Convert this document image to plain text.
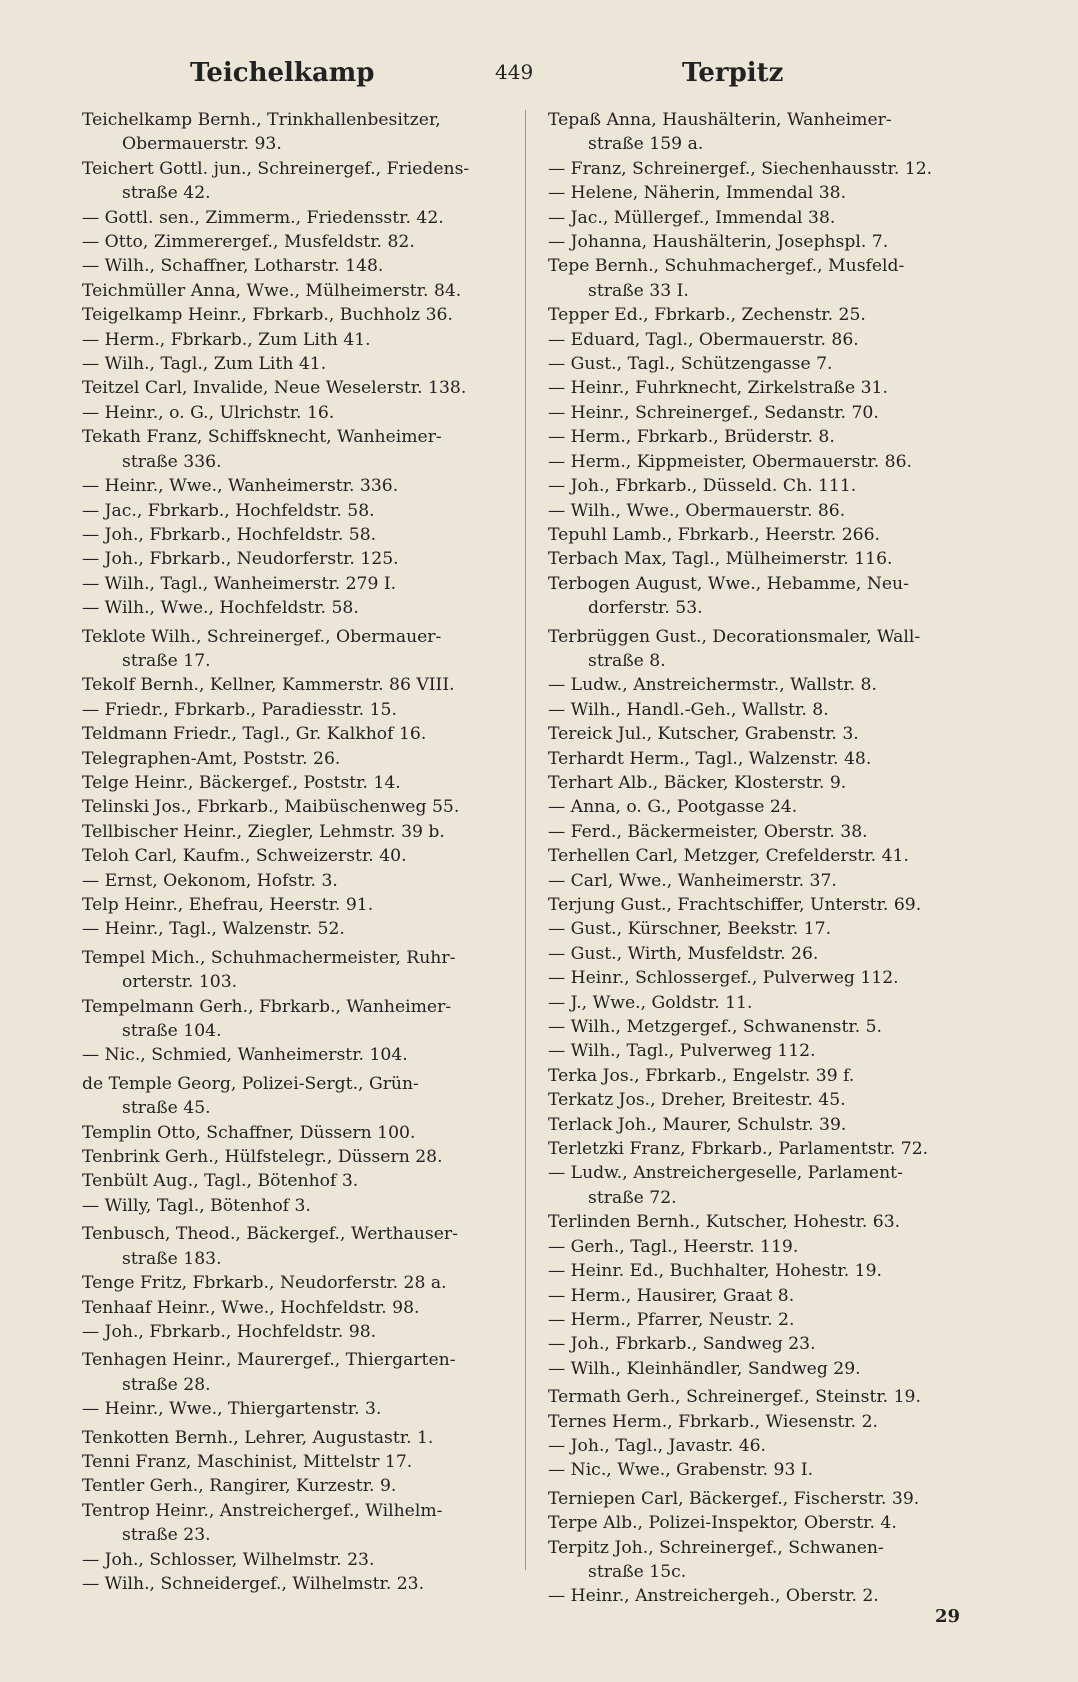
Teichelkamp	449	Terpitz
Teichelkamp Bernh., Trinkhallenbesitzer,
Obermauerstr. 93.
Teichert Gottl. jun., Schreinergef., Friedens-
straße 42.
— Gottl. sen., Zimmerm., Friedensstr. 42.
— Otto, Zimmerergef., Musfeldstr. 82.
— Wilh., Schaffner, Lotharstr. 148.
Teichmüller Anna, Wwe., Mülheimerstr. 84.
Teigelkamp Heinr., Fbrkarb., Buchholz 36.
— Herm., Fbrkarb., Zum Lith 41.
— Wilh., Tagl., Zum Lith 41.
Teitzel Carl, Invalide, Neue Weselerstr. 138.
— Heinr., o. G., Ulrichstr. 16.
Tekath Franz, Schiffsknecht, Wanheimer-
straße 336.
— Heinr., Wwe., Wanheimerstr. 336.
— Jac., Fbrkarb., Hochfeldstr. 58.
— Joh., Fbrkarb., Hochfeldstr. 58.
— Joh., Fbrkarb., Neudorferstr. 125.
— Wilh., Tagl., Wanheimerstr. 279 I.
— Wilh., Wwe., Hochfeldstr. 58.
Teklote Wilh., Schreinergef., Obermauer-
straße 17.
Tekolf Bernh., Kellner, Kammerstr. 86 VIII.
— Friedr., Fbrkarb., Paradiesstr. 15.
Teldmann Friedr., Tagl., Gr. Kalkhof 16.
Telegraphen-Amt, Poststr. 26.
Telge Heinr., Bäckergef., Poststr. 14.
Telinski Jos., Fbrkarb., Maibüschenweg 55.
Tellbischer Heinr., Ziegler, Lehmstr. 39 b.
Teloh Carl, Kaufm., Schweizerstr. 40.
— Ernst, Oekonom, Hofstr. 3.
Telp Heinr., Ehefrau, Heerstr. 91.
— Heinr., Tagl., Walzenstr. 52.
Tempel Mich., Schuhmachermeister, Ruhr-
orterstr. 103.
Tempelmann Gerh., Fbrkarb., Wanheimer-
straße 104.
— Nic., Schmied, Wanheimerstr. 104.
de Temple Georg, Polizei-Sergt., Grün-
straße 45.
Templin Otto, Schaffner, Düssern 100.
Tenbrink Gerh., Hülfstelegr., Düssern 28.
Tenbült Aug., Tagl., Bötenhof 3.
— Willy, Tagl., Bötenhof 3.
Tenbusch, Theod., Bäckergef., Werthauser-
straße 183.
Tenge Fritz, Fbrkarb., Neudorferstr. 28 a.
Tenhaaf Heinr., Wwe., Hochfeldstr. 98.
— Joh., Fbrkarb., Hochfeldstr. 98.
Tenhagen Heinr., Maurergef., Thiergarten-
straße 28.
— Heinr., Wwe., Thiergartenstr. 3.
Tenkotten Bernh., Lehrer, Augustastr. 1.
Tenni Franz, Maschinist, Mittelstr 17.
Tentler Gerh., Rangirer, Kurzestr. 9.
Tentrop Heinr., Anstreichergef., Wilhelm-
straße 23.
— Joh., Schlosser, Wilhelmstr. 23.
— Wilh., Schneidergef., Wilhelmstr. 23.
Tepaß Anna, Haushälterin, Wanheimer-
straße 159 a.
— Franz, Schreinergef., Siechenhausstr. 12.
— Helene, Näherin, Immendal 38.
— Jac., Müllergef., Immendal 38.
— Johanna, Haushälterin, Josephspl. 7.
Tepe Bernh., Schuhmachergef., Musfeld-
straße 33 I.
Tepper Ed., Fbrkarb., Zechenstr. 25.
— Eduard, Tagl., Obermauerstr. 86.
— Gust., Tagl., Schützengasse 7.
— Heinr., Fuhrknecht, Zirkelstraße 31.
— Heinr., Schreinergef., Sedanstr. 70.
— Herm., Fbrkarb., Brüderstr. 8.
— Herm., Kippmeister, Obermauerstr. 86.
— Joh., Fbrkarb., Düsseld. Ch. 111.
— Wilh., Wwe., Obermauerstr. 86.
Tepuhl Lamb., Fbrkarb., Heerstr. 266.
Terbach Max, Tagl., Mülheimerstr. 116.
Terbogen August, Wwe., Hebamme, Neu-
dorferstr. 53.
Terbrüggen Gust., Decorationsmaler, Wall-
straße 8.
— Ludw., Anstreichermstr., Wallstr. 8.
— Wilh., Handl.-Geh., Wallstr. 8.
Tereick Jul., Kutscher, Grabenstr. 3.
Terhardt Herm., Tagl., Walzenstr. 48.
Terhart Alb., Bäcker, Klosterstr. 9.
— Anna, o. G., Pootgasse 24.
— Ferd., Bäckermeister, Oberstr. 38.
Terhellen Carl, Metzger, Crefelderstr. 41.
— Carl, Wwe., Wanheimerstr. 37.
Terjung Gust., Frachtschiffer, Unterstr. 69.
— Gust., Kürschner, Beekstr. 17.
— Gust., Wirth, Musfeldstr. 26.
— Heinr., Schlossergef., Pulverweg 112.
— J., Wwe., Goldstr. 11.
— Wilh., Metzgergef., Schwanenstr. 5.
— Wilh., Tagl., Pulverweg 112.
Terka Jos., Fbrkarb., Engelstr. 39 f.
Terkatz Jos., Dreher, Breitestr. 45.
Terlack Joh., Maurer, Schulstr. 39.
Terletzki Franz, Fbrkarb., Parlamentstr. 72.
— Ludw., Anstreichergeselle, Parlament-
straße 72.
Terlinden Bernh., Kutscher, Hohestr. 63.
— Gerh., Tagl., Heerstr. 119.
— Heinr. Ed., Buchhalter, Hohestr. 19.
— Herm., Hausirer, Graat 8.
— Herm., Pfarrer, Neustr. 2.
— Joh., Fbrkarb., Sandweg 23.
— Wilh., Kleinhändler, Sandweg 29.
Termath Gerh., Schreinergef., Steinstr. 19.
Ternes Herm., Fbrkarb., Wiesenstr. 2.
— Joh., Tagl., Javastr. 46.
— Nic., Wwe., Grabenstr. 93 I.
Terniepen Carl, Bäckergef., Fischerstr. 39.
Terpe Alb., Polizei-Inspektor, Oberstr. 4.
Terpitz Joh., Schreinergef., Schwanen-
straße 15c.
— Heinr., Anstreichergeh., Oberstr. 2.
29
